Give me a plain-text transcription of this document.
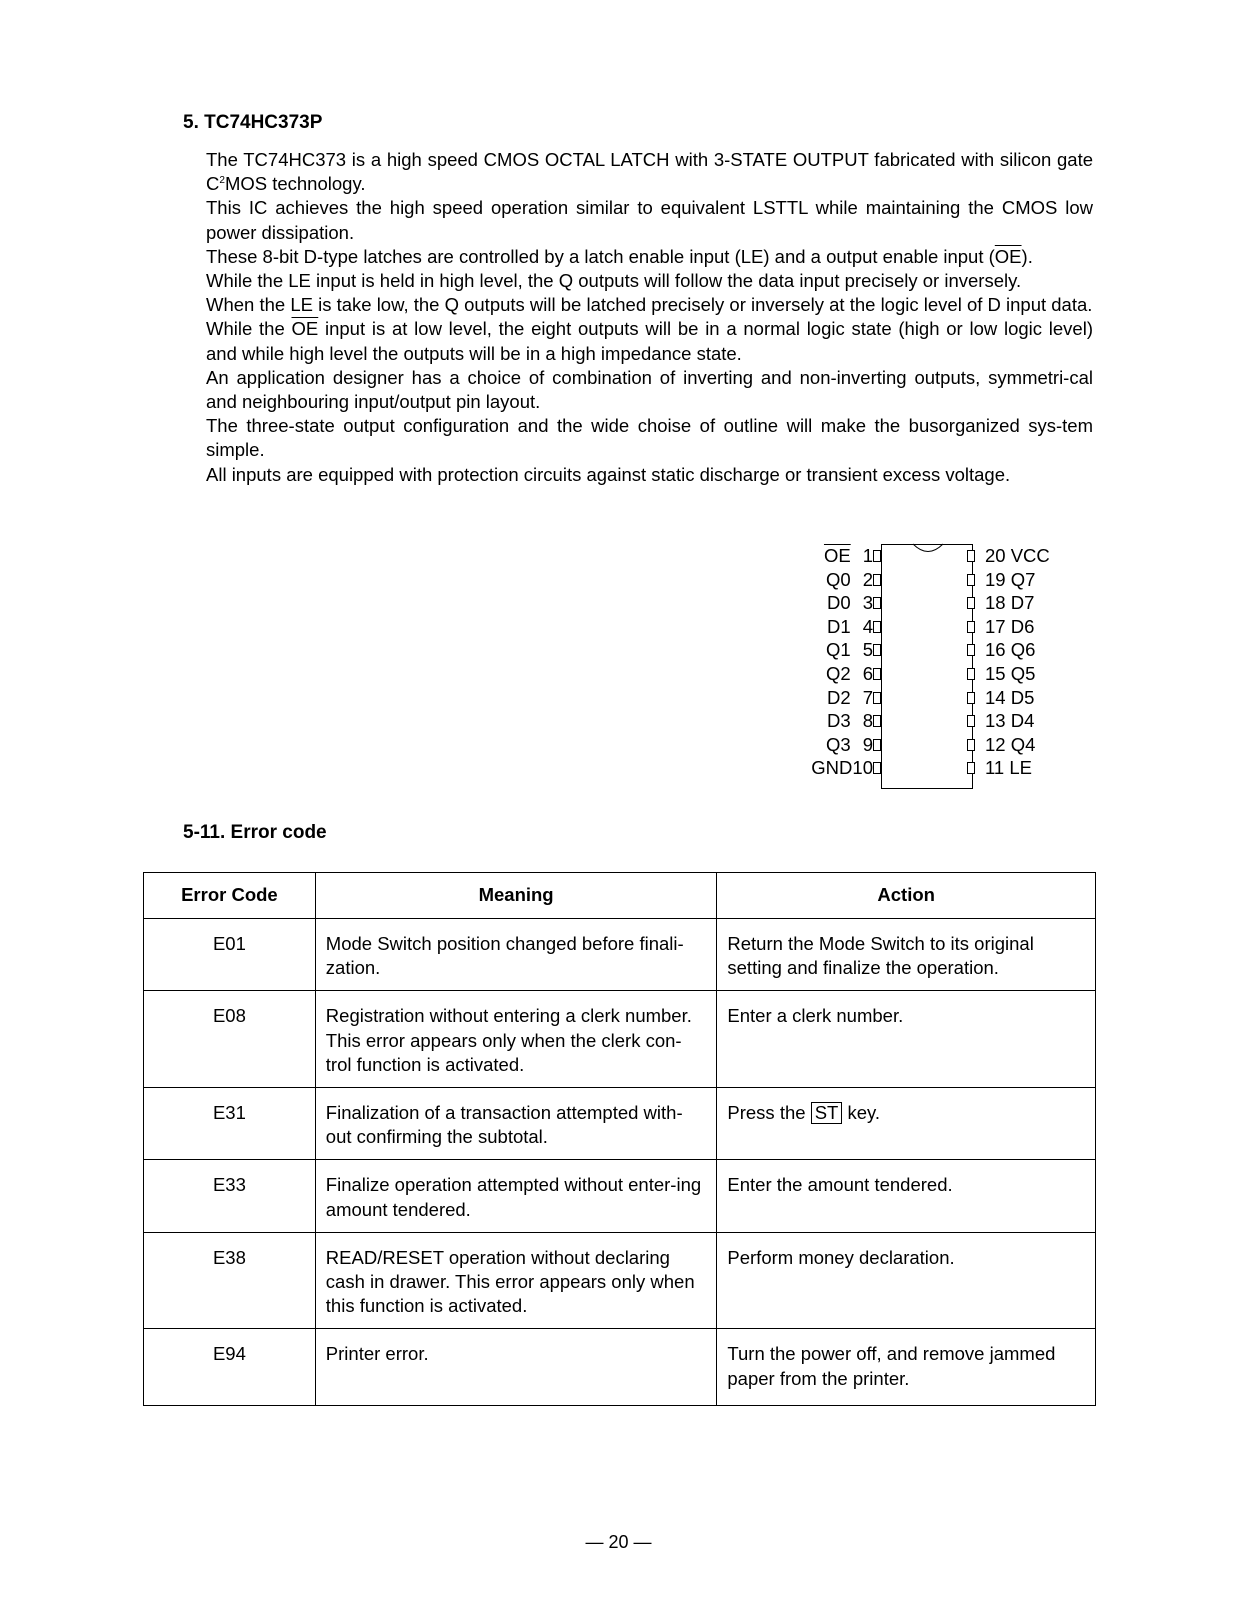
5. TC74HC373P

The TC74HC373 is a high speed CMOS OCTAL LATCH with 3-STATE OUTPUT fabricated with silicon gate $C^2MOS$ technology.

This IC achieves the high speed operation similar to equivalent LSTTL while maintaining the CMOS low power dissipation.

These 8-bit D-type latches are controlled by a latch enable input (LE) and a output enable input $(\overline{OE})$.

While the LE input is held in high level, the Q outputs will follow the data input precisely or inversely.

When the LE is take low, the Q outputs will be latched precisely or inversely at the logic level of D input data.

While the $\overline{OE}$ input is at low level, the eight outputs will be in a normal logic state (high or low logic level) and while high level the outputs will be in a high impedance state.

An application designer has a choice of combination of inverting and non-inverting outputs, symmetri-cal and neighbouring input/output pin layout.

The three-state output configuration and the wide choise of outline will make the busorganized sys-tem simple.

All inputs are equipped with protection circuits against static discharge or transient excess voltage.

$\overline{OE}$ 1
Q0 2
D0 3
D1 4
Q1 5
Q2 6
D2 7
D3 8
Q3 9
GND 10
20 VCC
19 Q7
18 D7
17 D6
16 Q6
15 Q5
14 D5
13 D4
12 Q4
11 LE
5-11. Error code
Error Code	Meaning	Action
E01	Mode Switch position changed before finali-zation.	Return the Mode Switch to its original setting and finalize the operation.
E08	Registration without entering a clerk number. This error appears only when the clerk con-trol function is activated.	Enter a clerk number.
E31	Finalization of a transaction attempted with-out confirming the subtotal.	Press the ST key.
E33	Finalize operation attempted without enter-ing amount tendered.	Enter the amount tendered.
E38	READ/RESET operation without declaring cash in drawer. This error appears only when this function is activated.	Perform money declaration.
E94	Printer error.	Turn the power off, and remove jammed paper from the printer.
— 20 —
